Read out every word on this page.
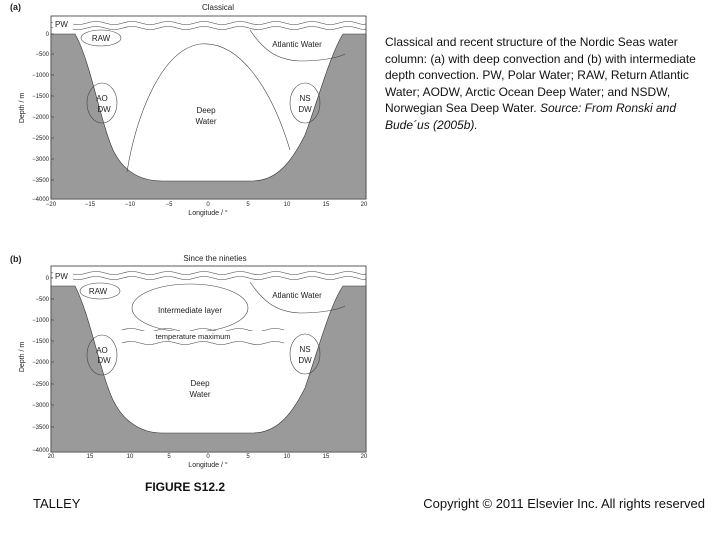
(a)	Classical
0
−500
−1000
−1500
−2000
−2500
−3000
−3500
−4000
Depth / m
−20	−15	−10	−5	0	5	10	15	20
Longitude / °
PW
RAW
Atlantic Water
AO
DW
NS
DW
Deep
Water
(b)	Since the nineties
0
−500
−1000
−1500
−2000
−2500
−3000
−3500
−4000
Depth / m
20	15	10	5	0	5	10	15	20
Longitude / °
PW
RAW	Atlantic Water
Intermediate layer
temperature maximum
AO
DW
NS
DW
Deep
Water
Classical and recent structure of the Nordic Seas water column: (a) with deep convection and (b) with intermediate depth convection. PW, Polar Water; RAW, Return Atlantic Water; AODW, Arctic Ocean Deep Water; and NSDW, Norwegian Sea Deep Water. Source: From Ronski and Bude´us (2005b).
FIGURE S12.2
TALLEY	Copyright © 2011 Elsevier Inc. All rights reserved
